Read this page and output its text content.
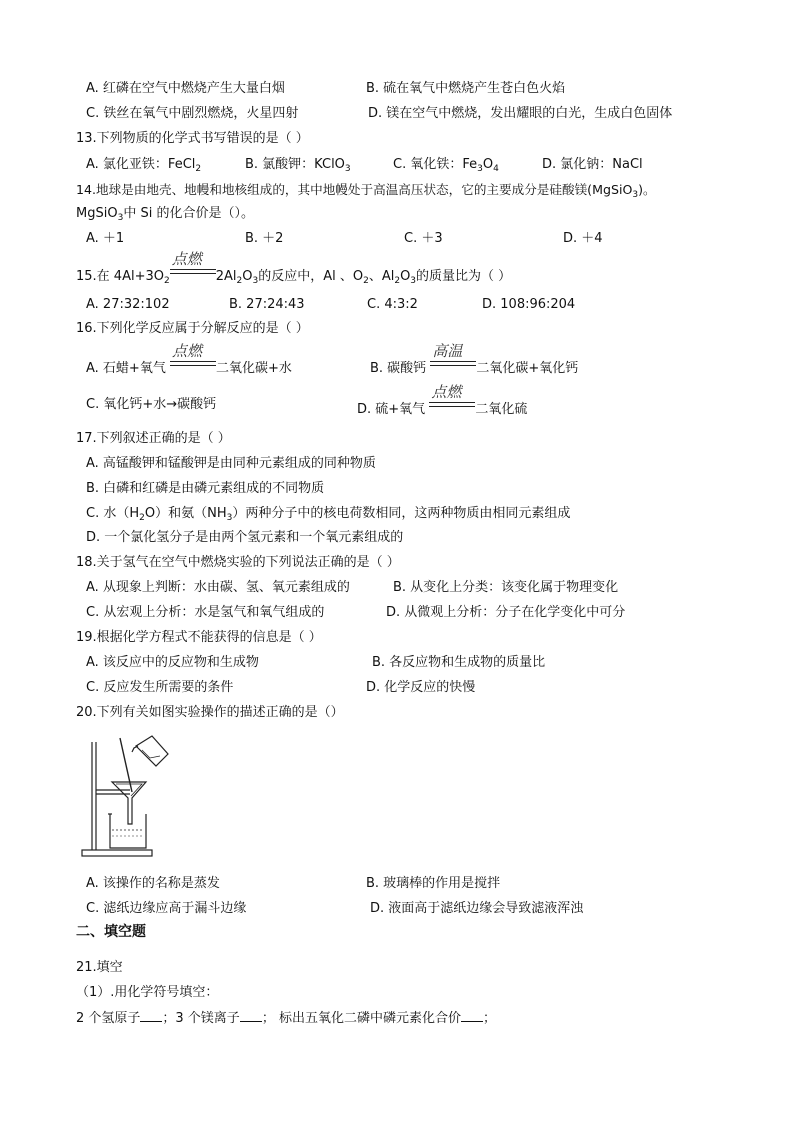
A. 红磷在空气中燃烧产生大量白烟	B. 硫在氧气中燃烧产生苍白色火焰
C. 铁丝在氧气中剧烈燃烧，火星四射	D. 镁在空气中燃烧，发出耀眼的白光，生成白色固体
13.下列物质的化学式书写错误的是（ ）
A. 氯化亚铁：FeCl$_2$	B. 氯酸钾：KClO$_3$	C. 氧化铁：$Fe_3O_4$	D. 氯化钠：NaCl
14.地球是由地壳、地幔和地核组成的，其中地幔处于高温高压状态，它的主要成分是硅酸镁(MgSiO$_3$)。
MgSiO$_3$中 Si 的化合价是（）。
A. ＋1	B. ＋2	C. ＋3	D. ＋4
15.在 $4Al+3O_2$
点燃
$2Al_2O_3$的反应中，Al 、$O_2$、$Al_2O_3$的质量比为（ ）
A. 27:32:102	B. 27:24:43	C. 4:3:2	D. 108:96:204
16.下列化学反应属于分解反应的是（ ）
A. 石蜡+氧气
点燃
二氧化碳+水	B. 碳酸钙
高温
二氧化碳+氧化钙
C. 氧化钙+水→碳酸钙	D. 硫+氧气
点燃
二氧化硫
17.下列叙述正确的是（ ）
A. 高锰酸钾和锰酸钾是由同种元素组成的同种物质
B. 白磷和红磷是由磷元素组成的不同物质
C. 水$(H_2O)$和氨$(NH_3)$两种分子中的核电荷数相同，这两种物质由相同元素组成
D. 一个氯化氢分子是由两个氢元素和一个氧元素组成的
18.关于氢气在空气中燃烧实验的下列说法正确的是（ ）
A. 从现象上判断：水由碳、氢、氧元素组成的	B. 从变化上分类：该变化属于物理变化
C. 从宏观上分析：水是氢气和氧气组成的	D. 从微观上分析：分子在化学变化中可分
19.根据化学方程式不能获得的信息是（ ）
A. 该反应中的反应物和生成物	B. 各反应物和生成物的质量比
C. 反应发生所需要的条件	D. 化学反应的快慢
20.下列有关如图实验操作的描述正确的是（）
A. 该操作的名称是蒸发	B. 玻璃棒的作用是搅拌
C. 滤纸边缘应高于漏斗边缘	D. 液面高于滤纸边缘会导致滤液浑浊
二、填空题
21.填空
（1）.用化学符号填空：
2 个氢原子 ；3 个镁离子 ； 标出五氧化二磷中磷元素化合价 ；
